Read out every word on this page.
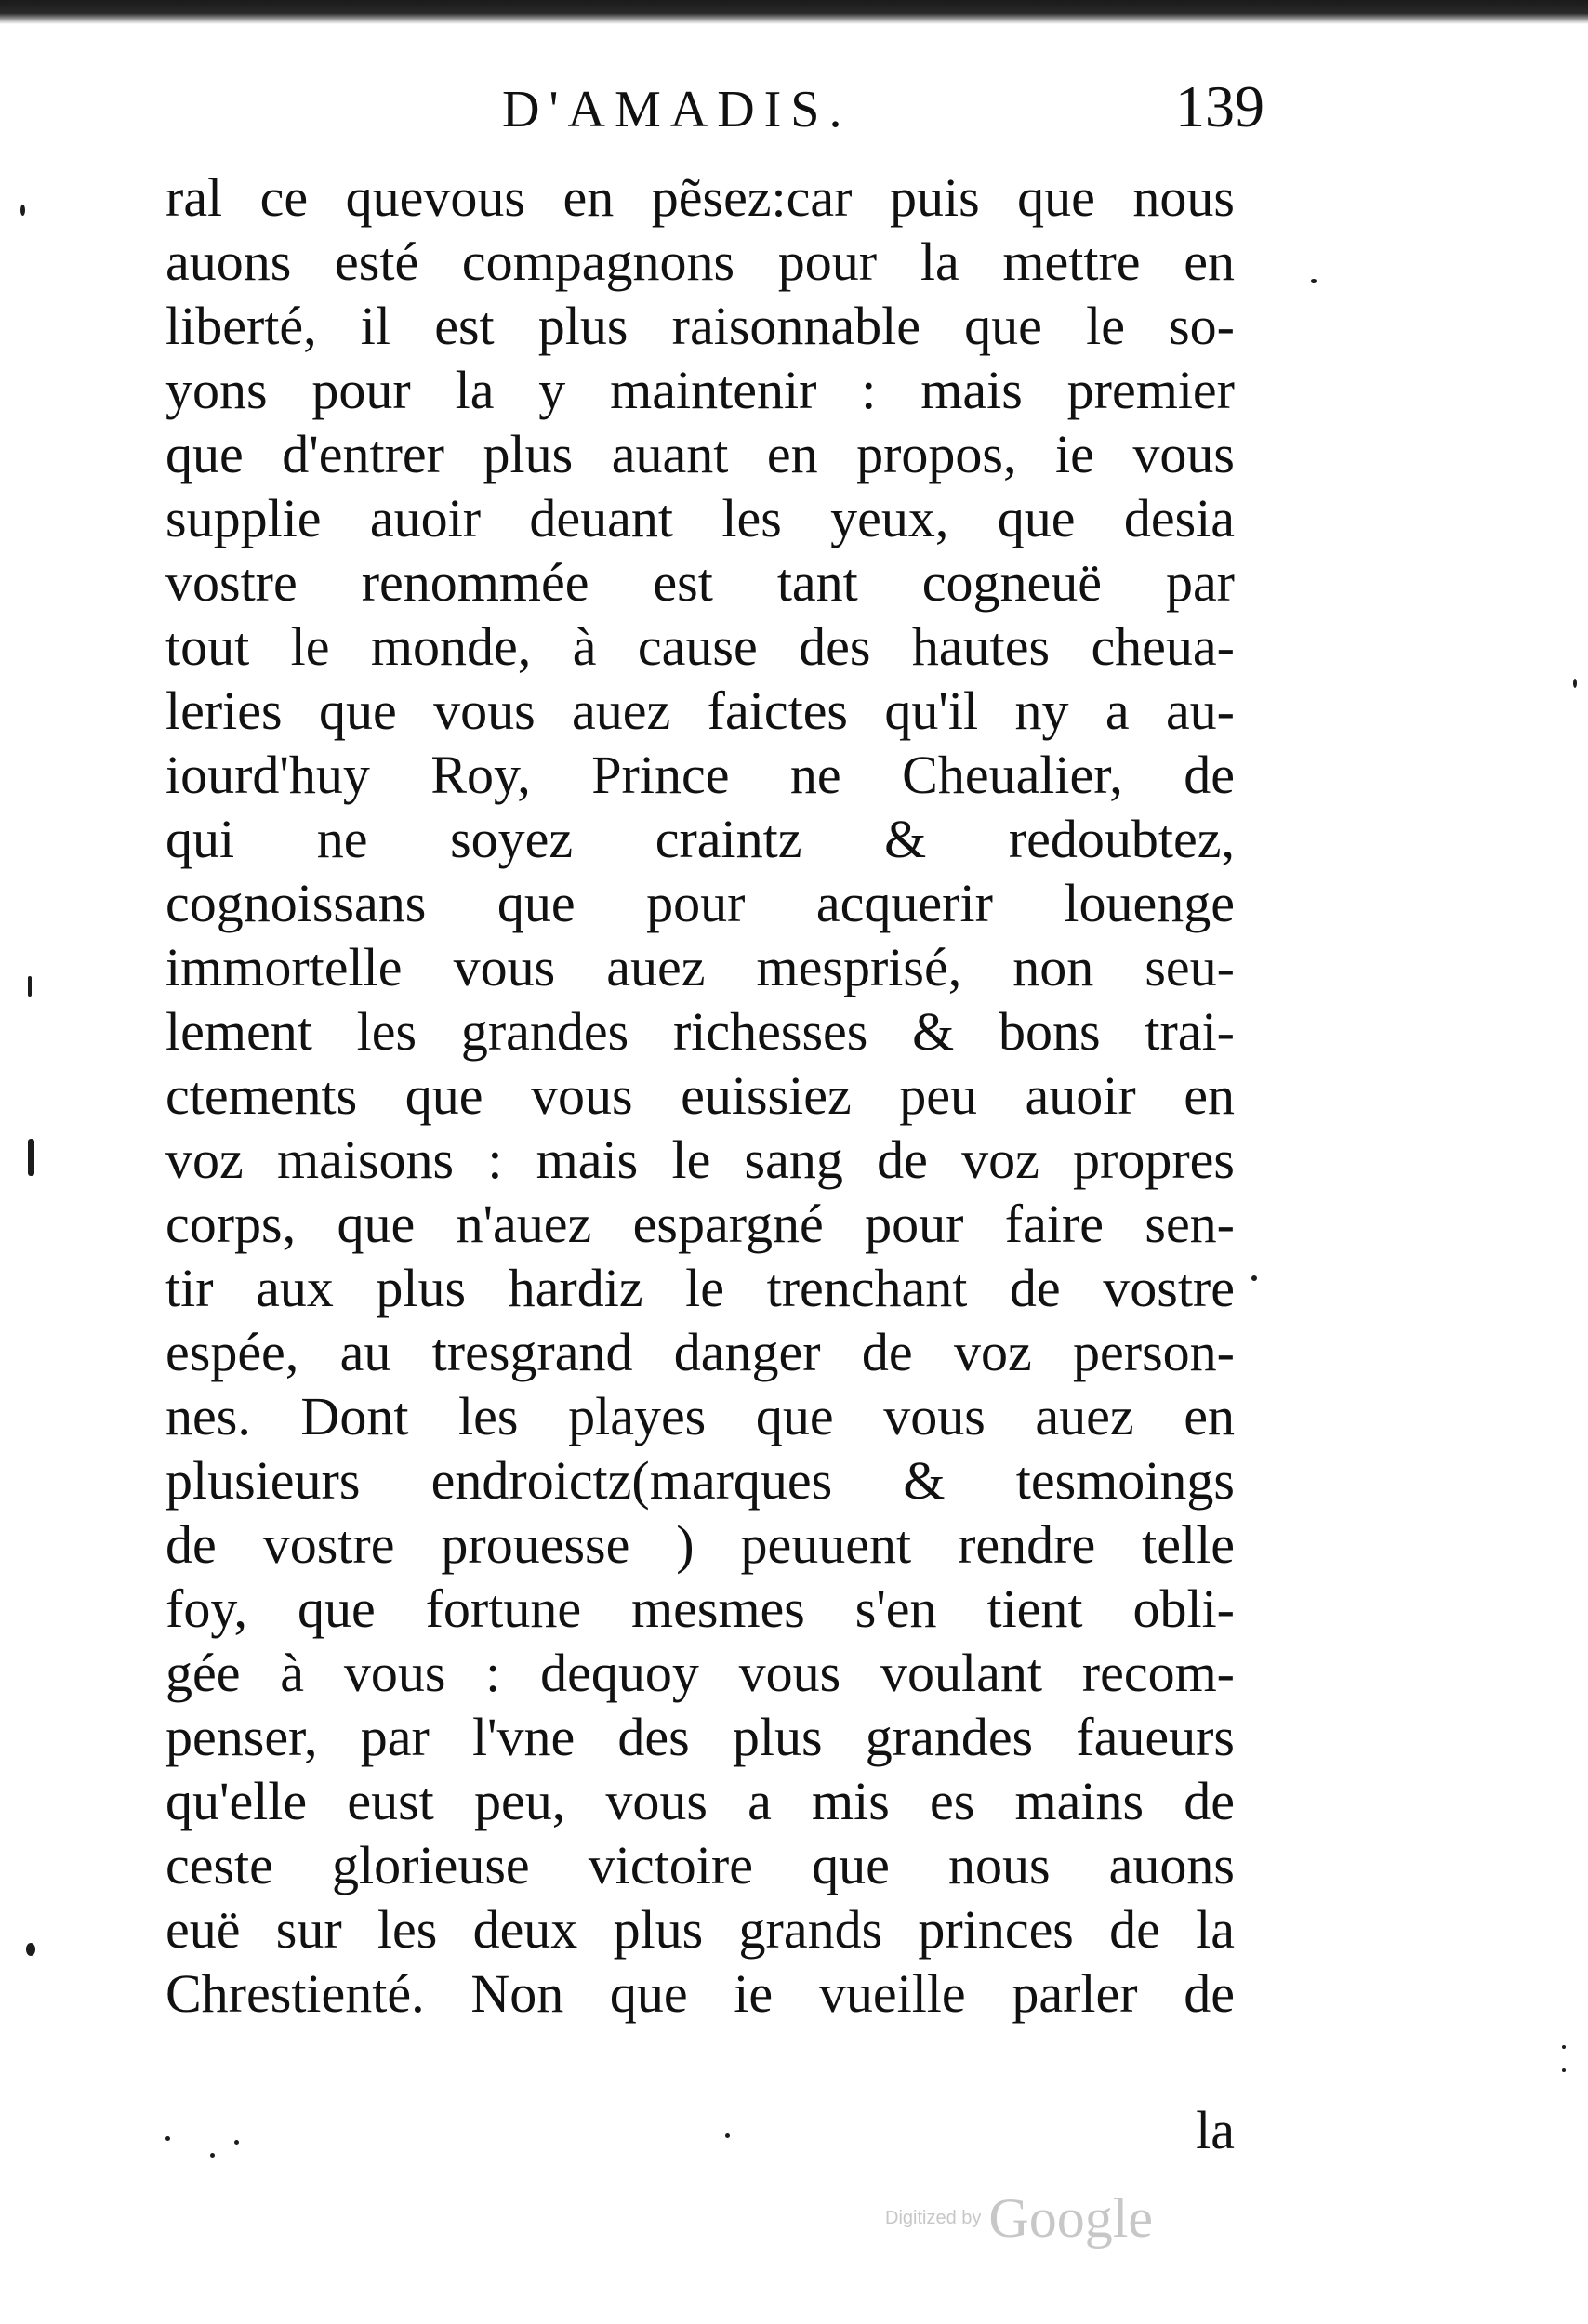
D'AMADIS.	139
ral ce quevous en pẽsez:car puis que nous
auons esté compagnons pour la mettre en
liberté, il est plus raisonnable que le so-
yons pour la y maintenir : mais premier
que d'entrer plus auant en propos, ie vous
supplie auoir deuant les yeux, que desia
vostre renommée est tant cogneuë par
tout le monde, à cause des hautes cheua-
leries que vous auez faictes qu'il ny a au-
iourd'huy Roy, Prince ne Cheualier, de
qui ne soyez craintz & redoubtez,
cognoissans que pour acquerir louenge
immortelle vous auez mesprisé, non seu-
lement les grandes richesses & bons trai-
ctements que vous euissiez peu auoir en
voz maisons : mais le sang de voz propres
corps, que n'auez espargné pour faire sen-
tir aux plus hardiz le trenchant de vostre
espée, au tresgrand danger de voz person-
nes. Dont les playes que vous auez en
plusieurs endroictz(marques & tesmoings
de vostre prouesse ) peuuent rendre telle
foy, que fortune mesmes s'en tient obli-
gée à vous : dequoy vous voulant recom-
penser, par l'vne des plus grandes faueurs
qu'elle eust peu, vous a mis es mains de
ceste glorieuse victoire que nous auons
euë sur les deux plus grands princes de la
Chrestienté. Non que ie vueille parler de
la
Digitized by Google
